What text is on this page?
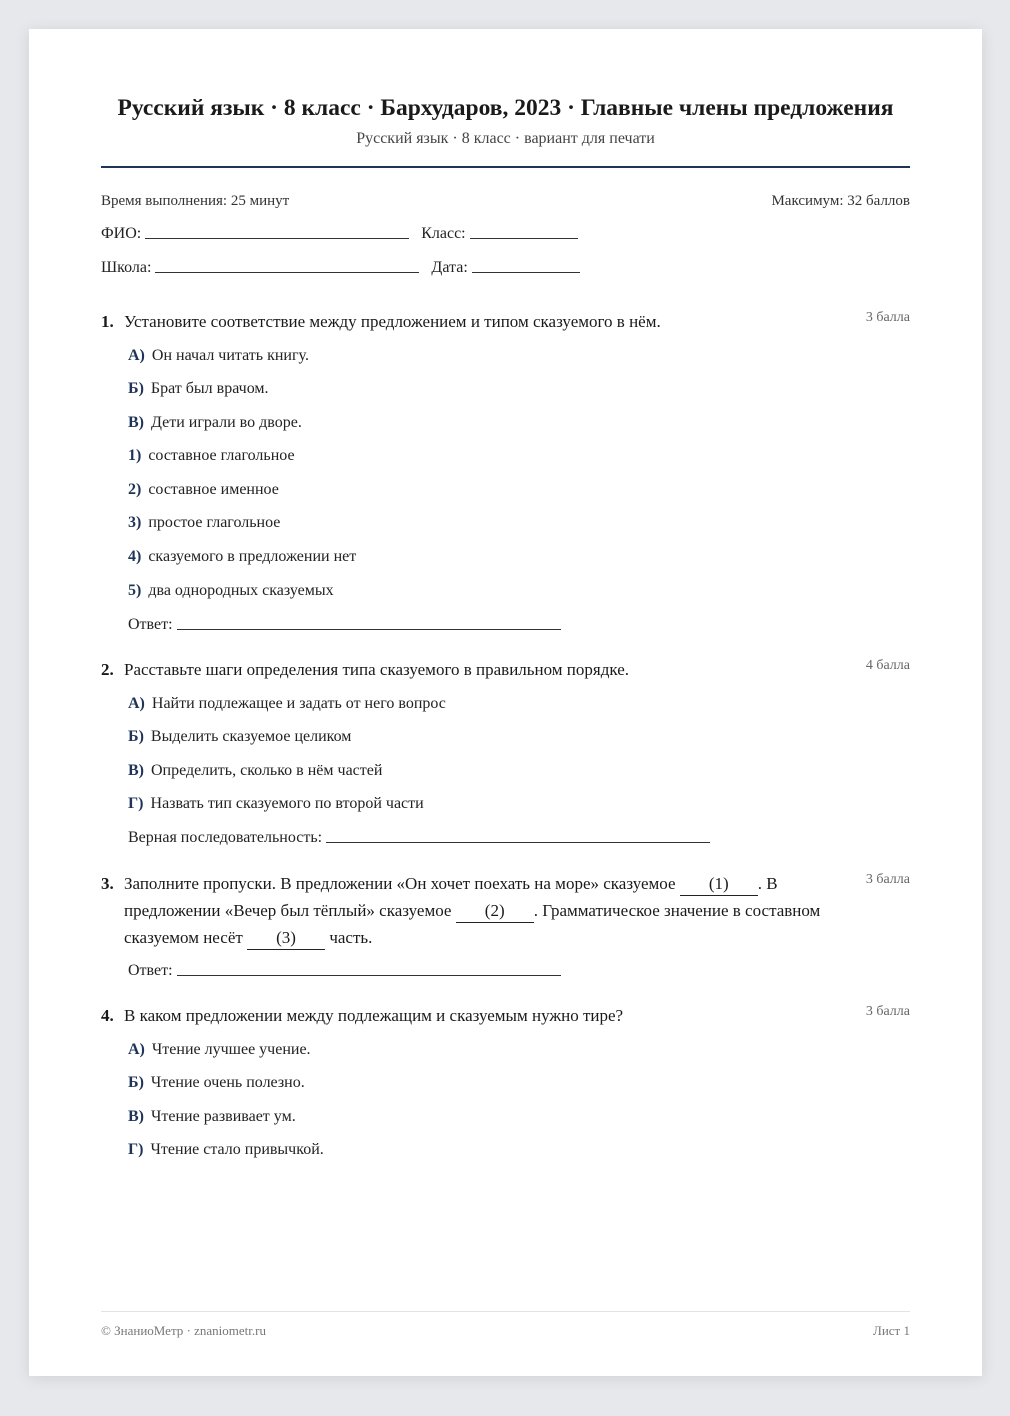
Русский язык · 8 класс · Бархударов, 2023 · Главные члены предложения
Русский язык · 8 класс · вариант для печати
Время выполнения: 25 минут	Максимум: 32 баллов
ФИО:	Класс:
Школа:	Дата:
1. Установите соответствие между предложением и типом сказуемого в нём.	3 балла
А) Он начал читать книгу.
Б) Брат был врачом.
В) Дети играли во дворе.
1) составное глагольное
2) составное именное
3) простое глагольное
4) сказуемого в предложении нет
5) два однородных сказуемых
Ответ:
2. Расставьте шаги определения типа сказуемого в правильном порядке.	4 балла
А) Найти подлежащее и задать от него вопрос
Б) Выделить сказуемое целиком
В) Определить, сколько в нём частей
Г) Назвать тип сказуемого по второй части
Верная последовательность:
3. Заполните пропуски. В предложении «Он хочет поехать на море» сказуемое (1) . В предложении «Вечер был тёплый» сказуемое (2) . Грамматическое значение в составном сказуемом несёт (3) часть.
3 балла
Ответ:
4. В каком предложении между подлежащим и сказуемым нужно тире?	3 балла
А) Чтение лучшее учение.
Б) Чтение очень полезно.
В) Чтение развивает ум.
Г) Чтение стало привычкой.
© ЗнаниоМетр · znaniometr.ru	Лист 1
